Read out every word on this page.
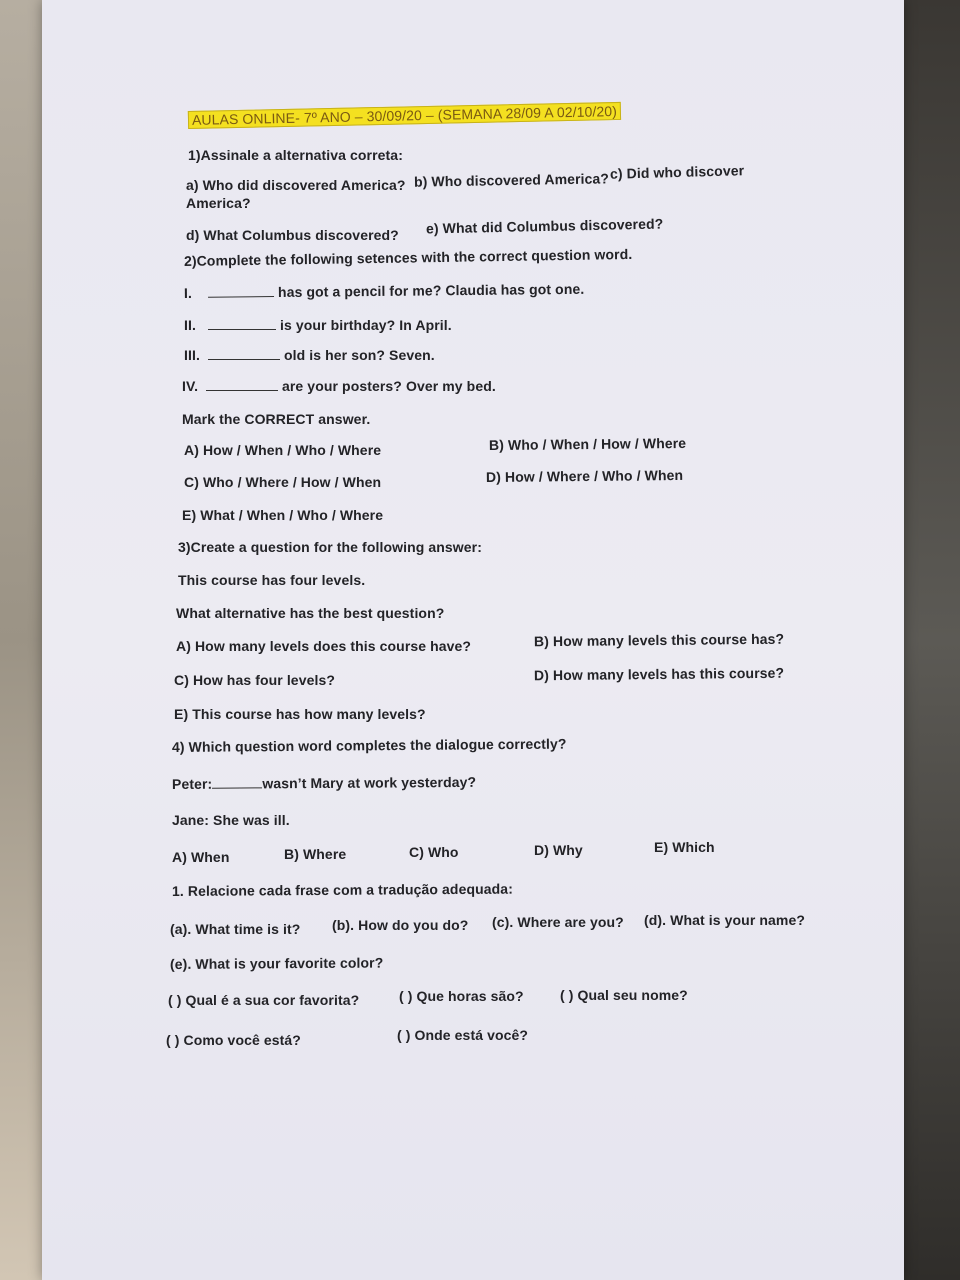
AULAS ONLINE- 7º ANO – 30/09/20 – (SEMANA 28/09 A 02/10/20)
1)Assinale a alternativa correta:
a) Who did discovered America? b) Who discovered America? c) Did who discover
America?
d) What Columbus discovered? e) What did Columbus discovered?
2)Complete the following setences with the correct question word.
I.	has got a pencil for me? Claudia has got one.
II.	is your birthday? In April.
III.	old is her son? Seven.
IV.	are your posters? Over my bed.
Mark the CORRECT answer.
A) How / When / Who / Where	B) Who / When / How / Where
C) Who / Where / How / When	D) How / Where / Who / When
E) What / When / Who / Where
3)Create a question for the following answer:
This course has four levels.
What alternative has the best question?
A) How many levels does this course have?	B) How many levels this course has?
C) How has four levels?	D) How many levels has this course?
E) This course has how many levels?
4) Which question word completes the dialogue correctly?
Peter:	wasn’t Mary at work yesterday?
Jane: She was ill.
A) When	B) Where	C) Who	D) Why	E) Which
1. Relacione cada frase com a tradução adequada:
(a). What time is it? (b). How do you do? (c). Where are you? (d). What is your name?
(e). What is your favorite color?
( ) Qual é a sua cor favorita?	( ) Que horas são?	( ) Qual seu nome?
( ) Como você está?	( ) Onde está você?
